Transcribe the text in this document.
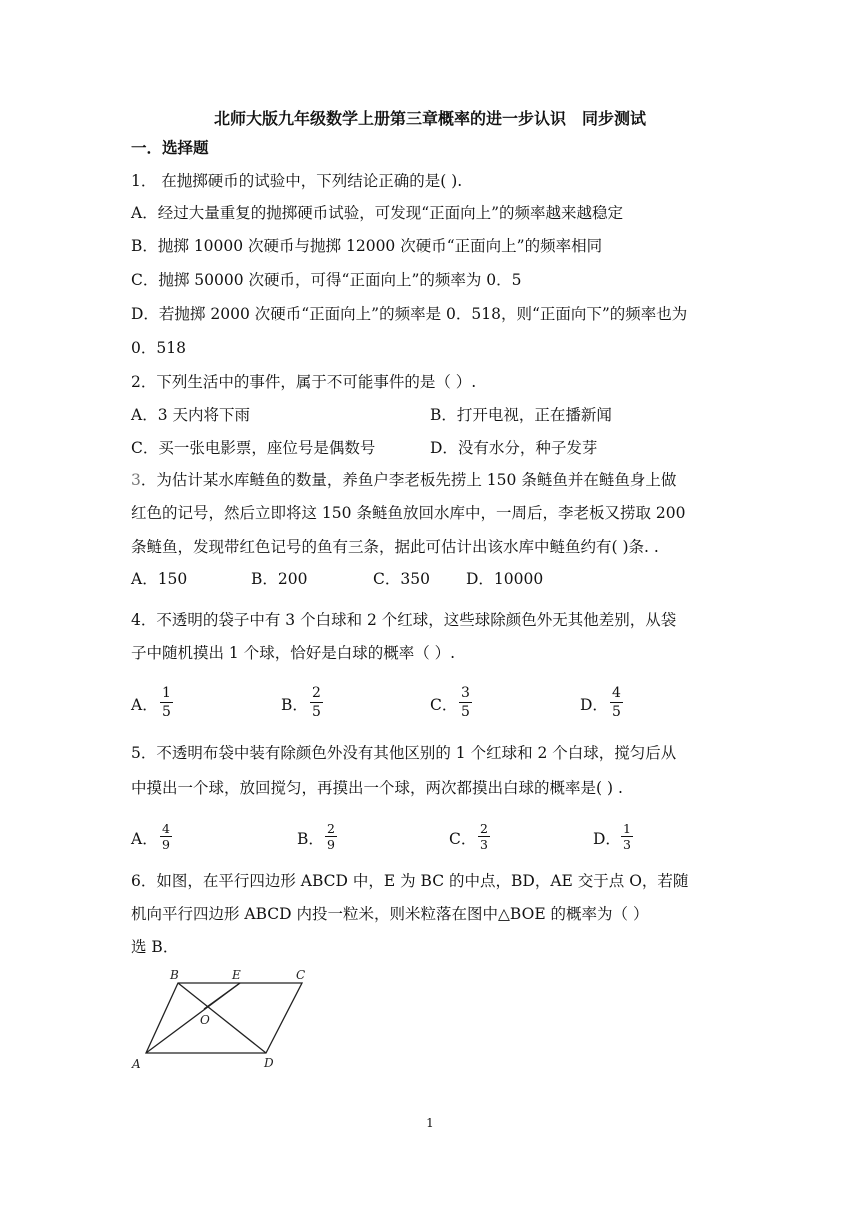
北师大版九年级数学上册第三章概率的进一步认识　同步测试
一．选择题
1． 在抛掷硬币的试验中，下列结论正确的是( ).
A．经过大量重复的抛掷硬币试验，可发现“正面向上”的频率越来越稳定
B．抛掷 10000 次硬币与抛掷 12000 次硬币“正面向上”的频率相同
C．抛掷 50000 次硬币，可得“正面向上”的频率为 0．5
D．若抛掷 2000 次硬币“正面向上”的频率是 0．518，则“正面向下”的频率也为
0．518
2．下列生活中的事件，属于不可能事件的是（ ）.
A．3 天内将下雨	B．打开电视，正在播新闻
C．买一张电影票，座位号是偶数号	D．没有水分，种子发芽
3．为估计某水库鲢鱼的数量，养鱼户李老板先捞上 150 条鲢鱼并在鲢鱼身上做
红色的记号，然后立即将这 150 条鲢鱼放回水库中，一周后，李老板又捞取 200
条鲢鱼，发现带红色记号的鱼有三条，据此可估计出该水库中鲢鱼约有( )条. .
A．150	B．200	C．350 D．10000
4．不透明的袋子中有 3 个白球和 2 个红球，这些球除颜色外无其他差别，从袋
子中随机摸出 1 个球，恰好是白球的概率（ ）.
A． $\frac{1}{5}$	B． $\frac{2}{5}$	C． $\frac{3}{5}$	D． $\frac{4}{5}$
5．不透明布袋中装有除颜色外没有其他区别的 1 个红球和 2 个白球，搅匀后从
中摸出一个球，放回搅匀，再摸出一个球，两次都摸出白球的概率是( ) .
A． $\frac{4}{9}$	B． $\frac{2}{9}$	C． $\frac{2}{3}$	D． $\frac{1}{3}$
6．如图，在平行四边形 ABCD 中，E 为 BC 的中点，BD，AE 交于点 O，若随
机向平行四边形 ABCD 内投一粒米，则米粒落在图中△BOE 的概率为（ ）
选 B．
A
B	C
D
E
O
1
